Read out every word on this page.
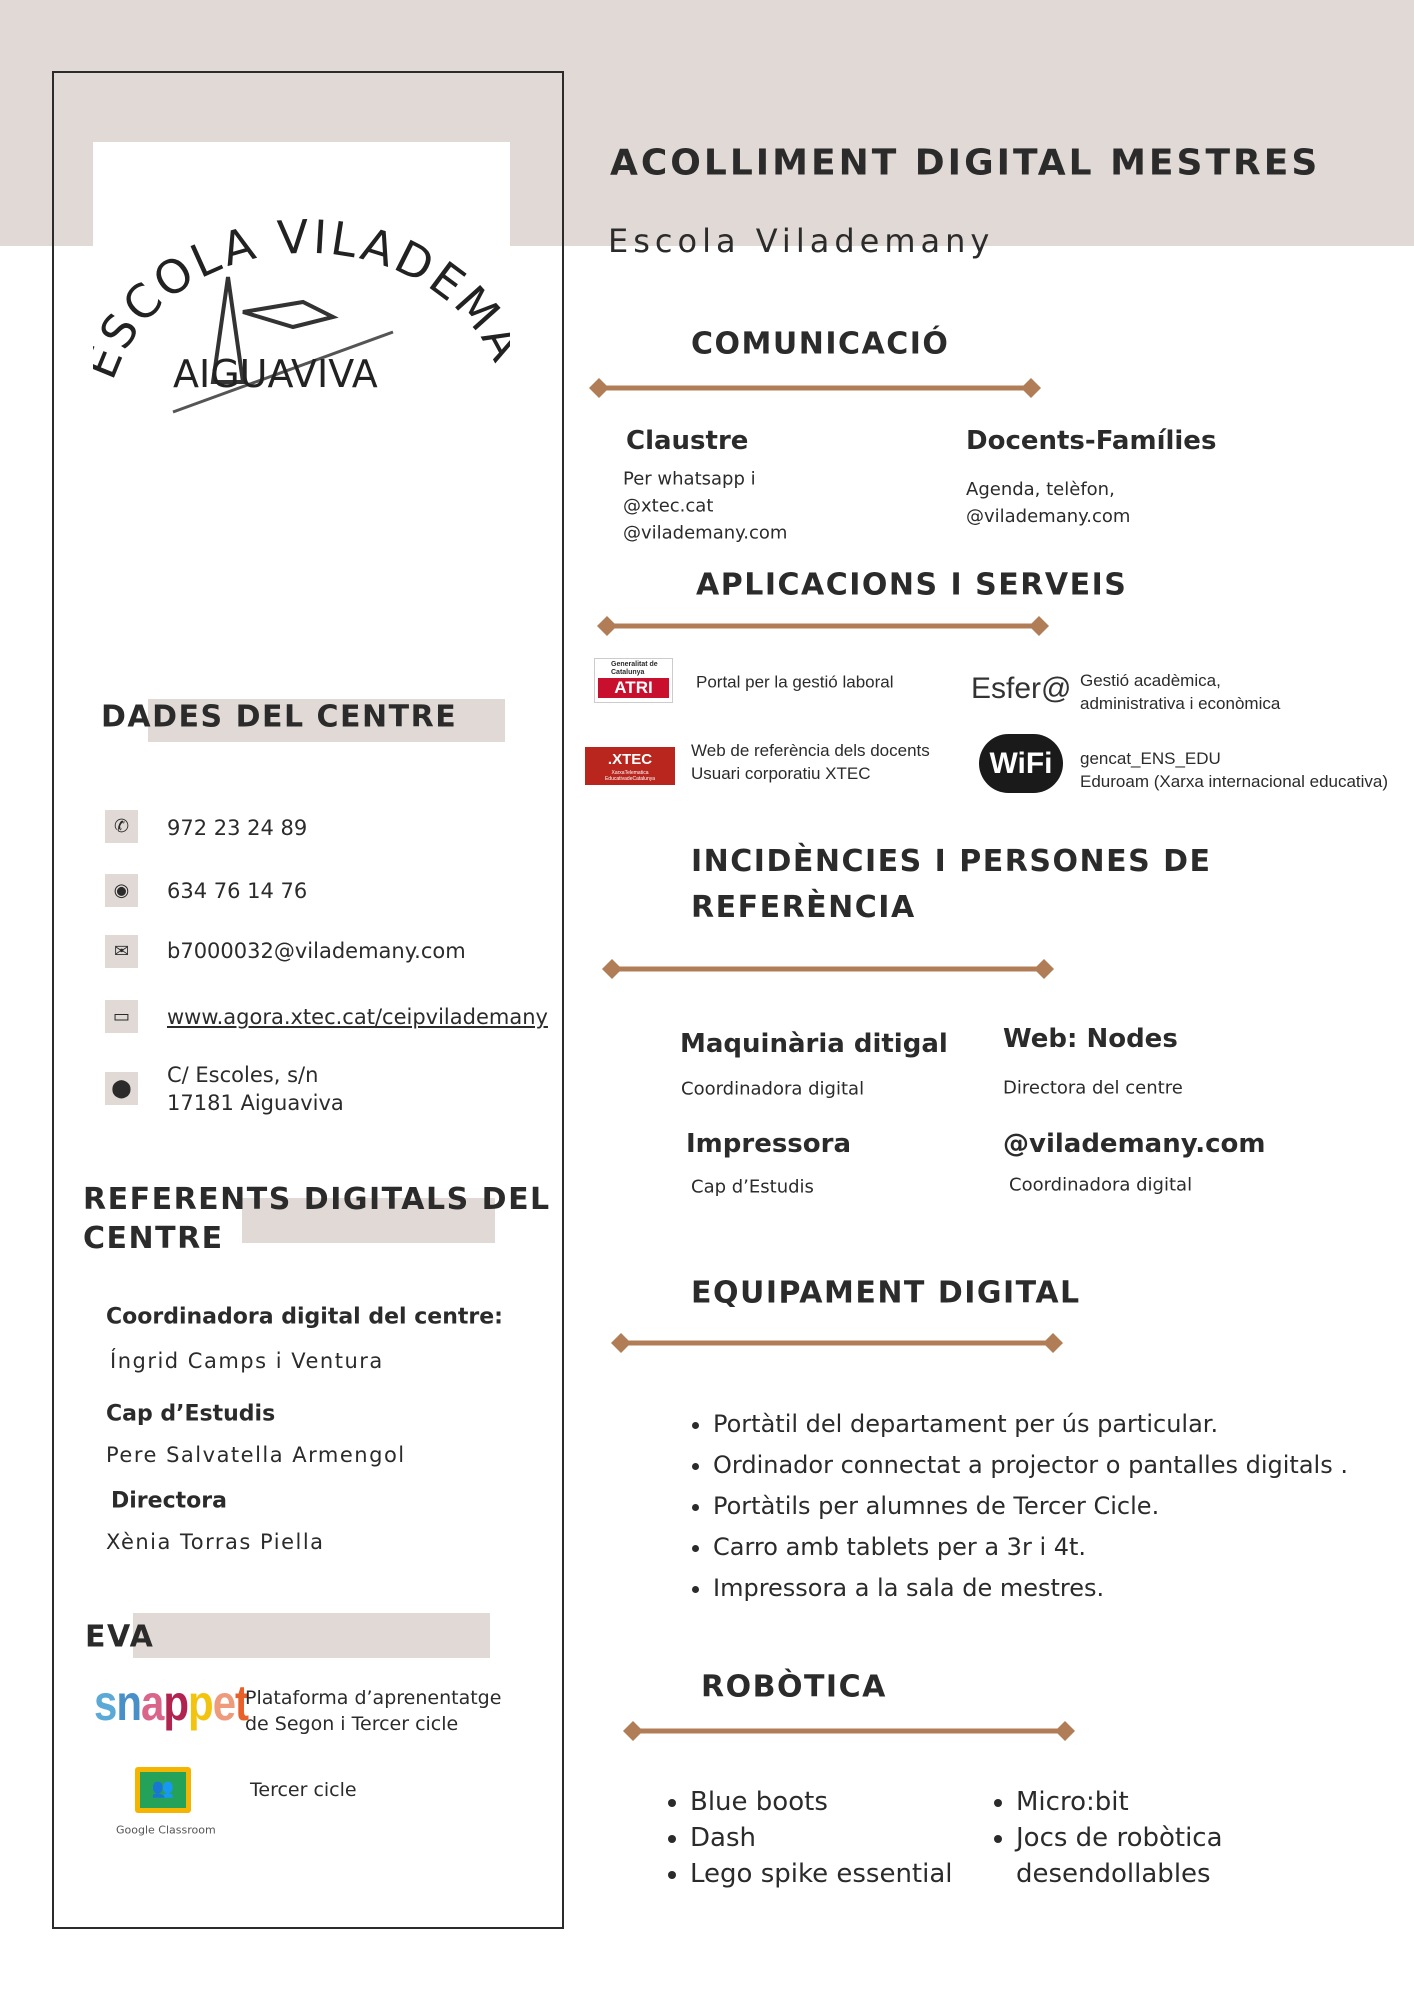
SCOLA VILADEM
AIGUAVIVA
ACOLLIMENT DIGITAL MESTRES
Escola Vilademany
DADES DEL CENTRE
✆	972 23 24 89
◉	634 76 14 76
✉	b7000032@vilademany.com
▭	www.agora.xtec.cat/ceipvilademany
⬤
C/ Escoles, s/n
17181 Aiguaviva
REFERENTS DIGITALS DEL
CENTRE
Coordinadora digital del centre:
Íngrid Camps i Ventura
Cap d’Estudis
Pere Salvatella Armengol
Directora
Xènia Torras Piella
EVA
snappet
Plataforma d’aprenentatge
de Segon i Tercer cicle
👥
Google Classroom
Tercer cicle
COMUNICACIÓ
Claustre
Per whatsapp i
@xtec.cat
@vilademany.com
Docents-Famílies
Agenda, telèfon,
@vilademany.com
APLICACIONS I SERVEIS
Generalitat de Catalunya
ATRI	Portal per la gestió laboral	Esfer@ Gestió acadèmica,
administrativa i econòmica
.XTEC
XarxaTelematica EducativadeCatalunya
Web de referència dels docents
Usuari corporatiu XTEC	WiFi	gencat_ENS_EDU
Eduroam (Xarxa internacional educativa)
INCIDÈNCIES I PERSONES DE
REFERÈNCIA
Maquinària ditigal
Coordinadora digital
Web: Nodes
Directora del centre
Impressora
Cap d’Estudis
@vilademany.com
Coordinadora digital
EQUIPAMENT DIGITAL
• Portàtil del departament per ús particular.
• Ordinador connectat a projector o pantalles digitals .
• Portàtils per alumnes de Tercer Cicle.
• Carro amb tablets per a 3r i 4t.
• Impressora a la sala de mestres.
ROBÒTICA
• Blue boots
• Dash
• Lego spike essential
• Micro:bit
• Jocs de robòtica desendollables
